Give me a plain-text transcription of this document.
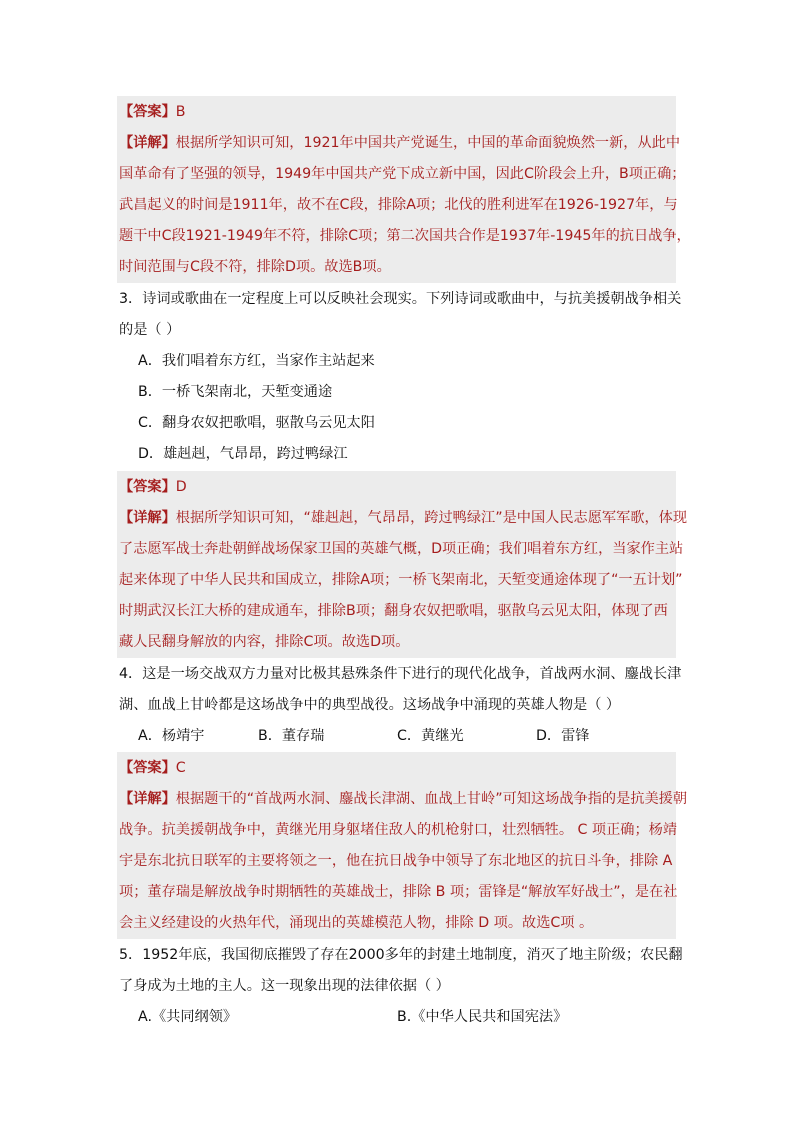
【答案】B
【详解】根据所学知识可知，1921年中国共产党诞生，中国的革命面貌焕然一新，从此中
国革命有了坚强的领导，1949年中国共产党下成立新中国，因此C阶段会上升，B项正确；
武昌起义的时间是1911年，故不在C段，排除A项；北伐的胜利进军在1926-1927年，与
题干中C段1921-1949年不符，排除C项；第二次国共合作是1937年-1945年的抗日战争，
时间范围与C段不符，排除D项。故选B项。
3．诗词或歌曲在一定程度上可以反映社会现实。下列诗词或歌曲中，与抗美援朝战争相关
的是（ ）
A．我们唱着东方红，当家作主站起来
B．一桥飞架南北，天堑变通途
C．翻身农奴把歌唱，驱散乌云见太阳
D．雄赳赳，气昂昂，跨过鸭绿江
【答案】D
【详解】根据所学知识可知，“雄赳赳，气昂昂，跨过鸭绿江”是中国人民志愿军军歌，体现
了志愿军战士奔赴朝鲜战场保家卫国的英雄气概，D项正确；我们唱着东方红，当家作主站
起来体现了中华人民共和国成立，排除A项；一桥飞架南北，天堑变通途体现了“一五计划”
时期武汉长江大桥的建成通车，排除B项；翻身农奴把歌唱，驱散乌云见太阳，体现了西
藏人民翻身解放的内容，排除C项。故选D项。
4．这是一场交战双方力量对比极其悬殊条件下进行的现代化战争，首战两水洞、鏖战长津
湖、血战上甘岭都是这场战争中的典型战役。这场战争中涌现的英雄人物是（ ）
A．杨靖宇	B．董存瑞	C．黄继光	D．雷锋
【答案】C
【详解】根据题干的“首战两水洞、鏖战长津湖、血战上甘岭”可知这场战争指的是抗美援朝
战争。抗美援朝战争中，黄继光用身躯堵住敌人的机枪射口，壮烈牺牲。 C 项正确；杨靖
宇是东北抗日联军的主要将领之一，他在抗日战争中领导了东北地区的抗日斗争，排除 A
项；董存瑞是解放战争时期牺牲的英雄战士，排除 B 项；雷锋是“解放军好战士”，是在社
会主义经建设的火热年代，涌现出的英雄模范人物，排除 D 项。故选C项 。
5．1952年底，我国彻底摧毁了存在2000多年的封建土地制度，消灭了地主阶级；农民翻
了身成为土地的主人。这一现象出现的法律依据（ ）
A.《共同纲领》	B.《中华人民共和国宪法》
